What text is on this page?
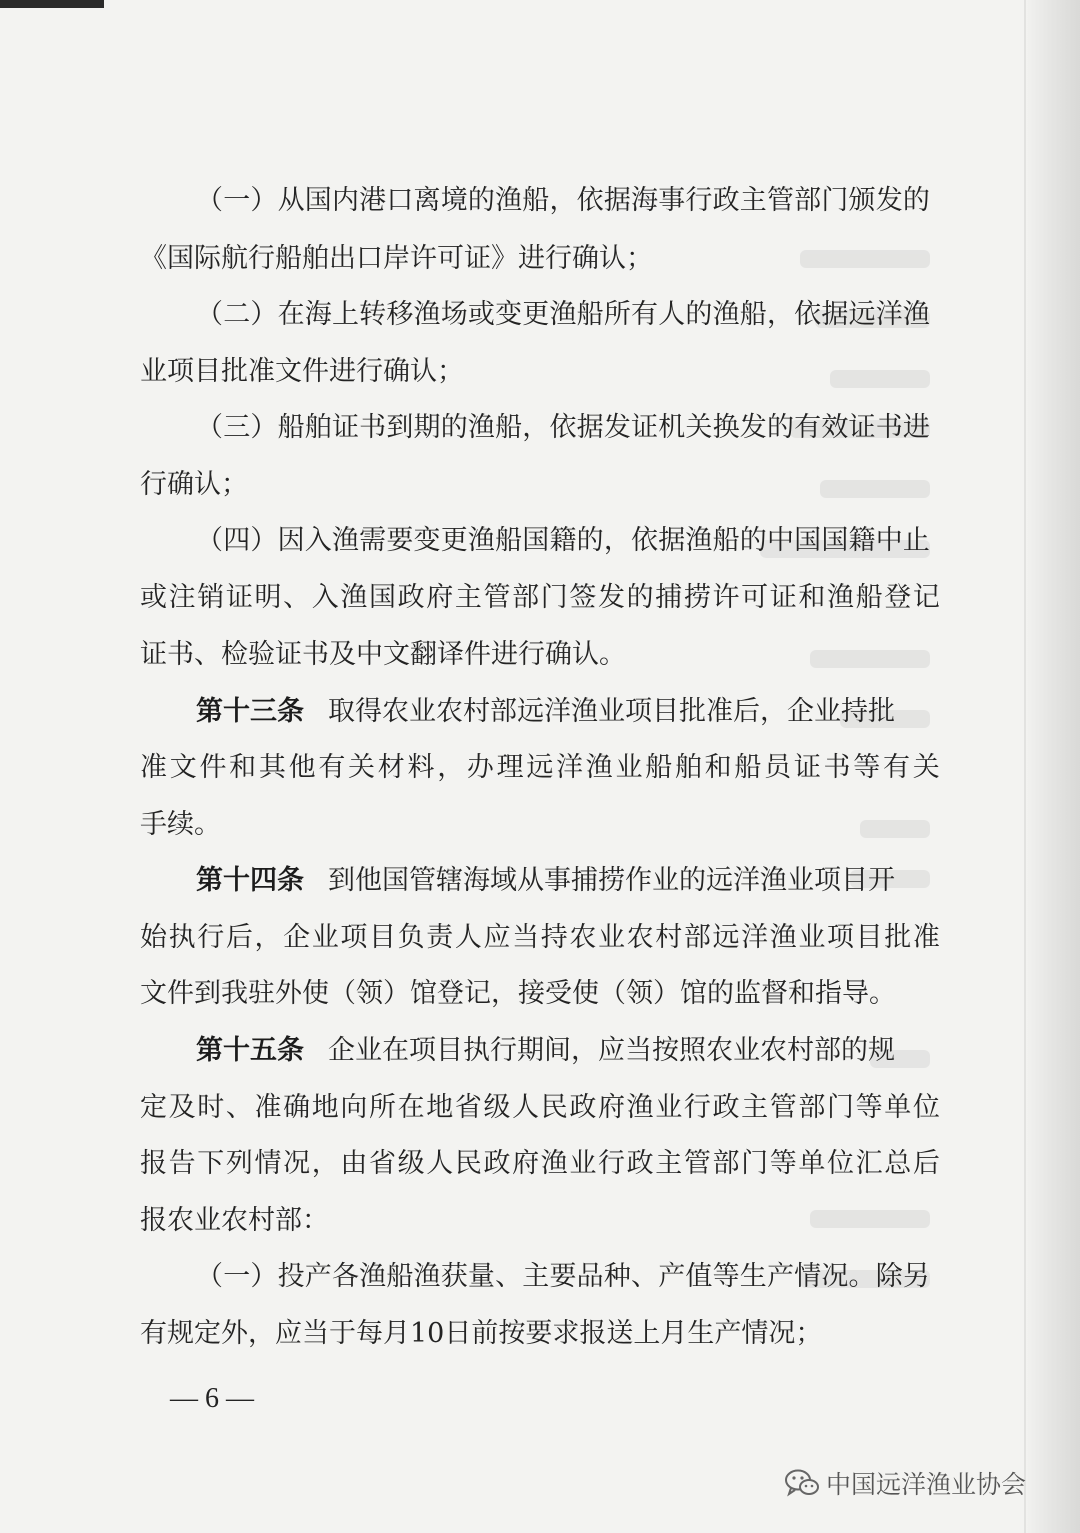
（ 一 ） 从 国 内 港 口 离 境 的 渔 船 ， 依 据 海 事 行 政 主 管 部 门 颁 发 的
《国际航行船舶出口岸许可证》进行确认；
（ 二 ） 在 海 上 转 移 渔 场 或 变 更 渔 船 所 有 人 的 渔 船 ， 依 据 远 洋 渔
业项目批准文件进行确认；
（ 三 ） 船 舶 证 书 到 期 的 渔 船 ， 依 据 发 证 机 关 换 发 的 有 效 证 书 进
行确认；
（ 四 ） 因 入 渔 需 要 变 更 渔 船 国 籍 的 ， 依 据 渔 船 的 中 国 国 籍 中 止
或 注 销 证 明 、 入 渔 国 政 府 主 管 部 门 签 发 的 捕 捞 许 可 证 和 渔 船 登 记
证书、检验证书及中文翻译件进行确认。
第十三条 取得农业农村部远洋渔业项目批准后，企业持批
准 文 件 和 其 他 有 关 材 料 ， 办 理 远 洋 渔 业 船 舶 和 船 员 证 书 等 有 关
手续。
第十四条 到他国管辖海域从事捕捞作业的远洋渔业项目开
始 执 行 后 ， 企 业 项 目 负 责 人 应 当 持 农 业 农 村 部 远 洋 渔 业 项 目 批 准
文件到我驻外使（领）馆登记，接受使（领）馆的监督和指导。
第十五条 企业在项目执行期间，应当按照农业农村部的规
定 及 时 、 准 确 地 向 所 在 地 省 级 人 民 政 府 渔 业 行 政 主 管 部 门 等 单 位
报 告 下 列 情 况 ， 由 省 级 人 民 政 府 渔 业 行 政 主 管 部 门 等 单 位 汇 总 后
报农业农村部：
（ 一 ） 投 产 各 渔 船 渔 获 量 、 主 要 品 种 、 产 值 等 生 产 情 况 。 除 另
有规定外，应当于每月10日前按要求报送上月生产情况；
— 6 —
中国远洋渔业协会
